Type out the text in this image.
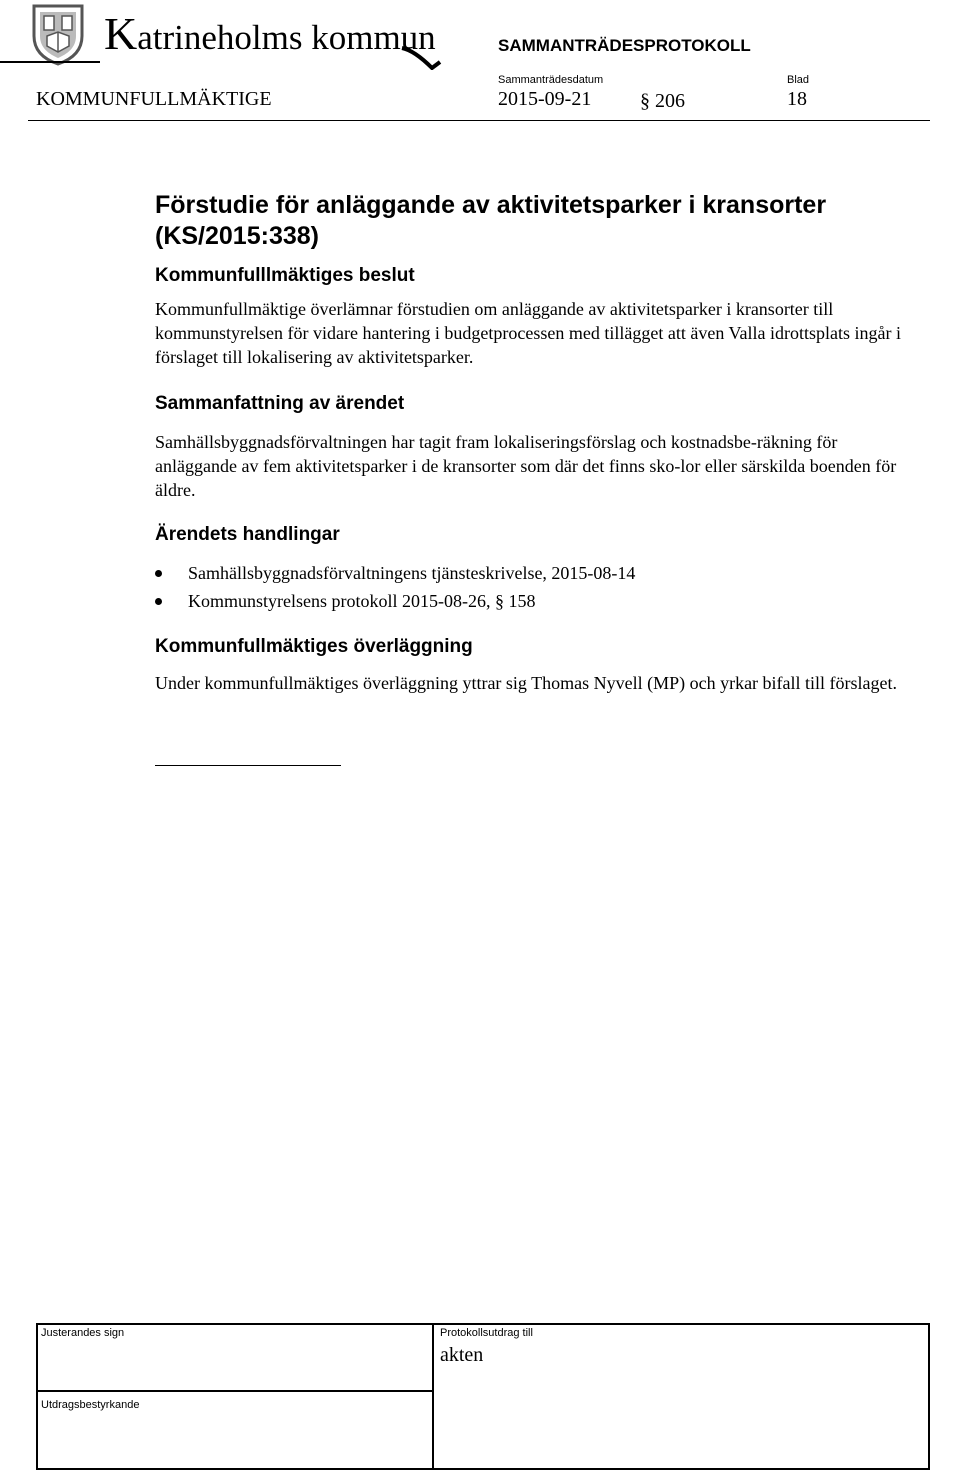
Katrineholms kommun	SAMMANTRÄDESPROTOKOLL
Sammanträdesdatum	Blad
KOMMUNFULLMÄKTIGE	2015-09-21 § 206	18
Förstudie för anläggande av aktivitetsparker i kransorter
(KS/2015:338)
Kommunfulllmäktiges beslut

Kommunfullmäktige överlämnar förstudien om anläggande av aktivitetsparker i kransorter till kommunstyrelsen för vidare hantering i budgetprocessen med tillägget att även Valla idrottsplats ingår i förslaget till lokalisering av aktivitetsparker.

Sammanfattning av ärendet

Samhällsbyggnadsförvaltningen har tagit fram lokaliseringsförslag och kostnadsbe-räkning för anläggande av fem aktivitetsparker i de kransorter som där det finns sko-lor eller särskilda boenden för äldre.

Ärendets handlingar
Samhällsbyggnadsförvaltningens tjänsteskrivelse, 2015-08-14
Kommunstyrelsens protokoll 2015-08-26, § 158
Kommunfullmäktiges överläggning

Under kommunfullmäktiges överläggning yttrar sig Thomas Nyvell (MP) och yrkar bifall till förslaget.

Justerandes sign
Utdragsbestyrkande
Protokollsutdrag till
akten
